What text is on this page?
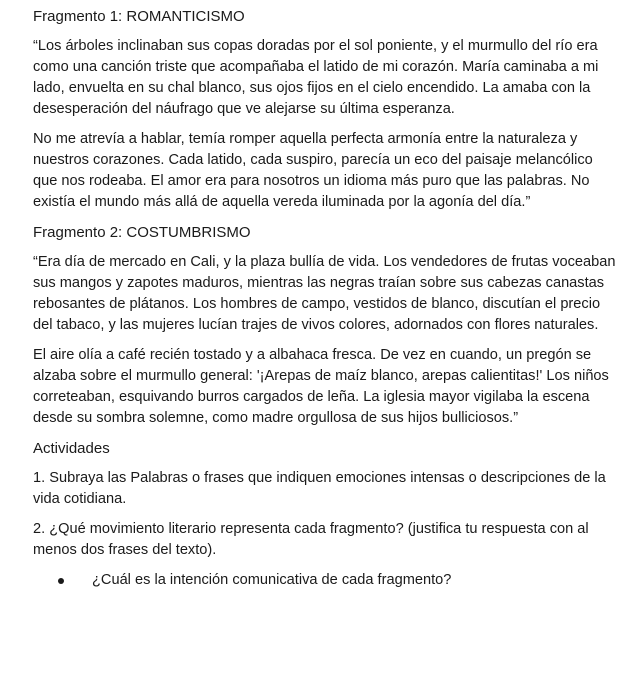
Fragmento 1: ROMANTICISMO

“Los árboles inclinaban sus copas doradas por el sol poniente, y el murmullo del río era como una canción triste que acompañaba el latido de mi corazón. María caminaba a mi lado, envuelta en su chal blanco, sus ojos fijos en el cielo encendido. La amaba con la desesperación del náufrago que ve alejarse su última esperanza.

No me atrevía a hablar, temía romper aquella perfecta armonía entre la naturaleza y nuestros corazones. Cada latido, cada suspiro, parecía un eco del paisaje melancólico que nos rodeaba. El amor era para nosotros un idioma más puro que las palabras. No existía el mundo más allá de aquella vereda iluminada por la agonía del día.”

Fragmento 2: COSTUMBRISMO

“Era día de mercado en Cali, y la plaza bullía de vida. Los vendedores de frutas voceaban sus mangos y zapotes maduros, mientras las negras traían sobre sus cabezas canastas rebosantes de plátanos. Los hombres de campo, vestidos de blanco, discutían el precio del tabaco, y las mujeres lucían trajes de vivos colores, adornados con flores naturales.

El aire olía a café recién tostado y a albahaca fresca. De vez en cuando, un pregón se alzaba sobre el murmullo general: '¡Arepas de maíz blanco, arepas calientitas!' Los niños correteaban, esquivando burros cargados de leña. La iglesia mayor vigilaba la escena desde su sombra solemne, como madre orgullosa de sus hijos bulliciosos.”

Actividades

1. Subraya las Palabras o frases que indiquen emociones intensas o descripciones de la vida cotidiana.

2. ¿Qué movimiento literario representa cada fragmento? (justifica tu respuesta con al menos dos frases del texto).

¿Cuál es la intención comunicativa de cada fragmento?
